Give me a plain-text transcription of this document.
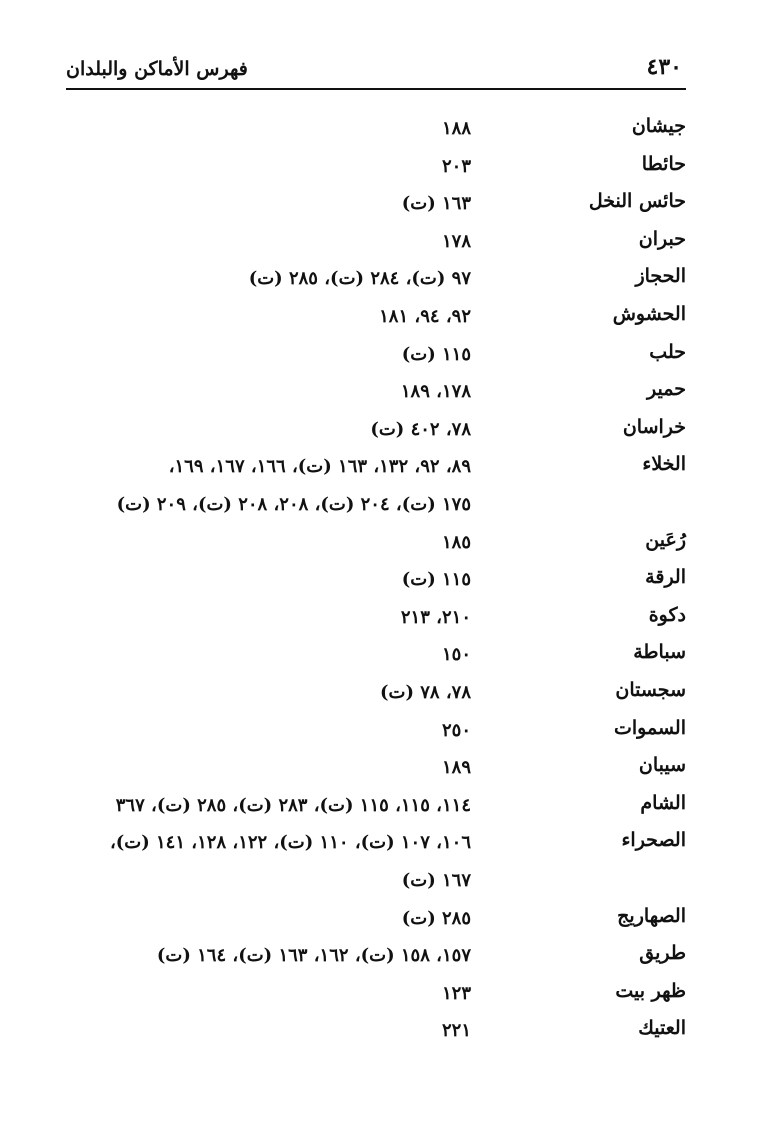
٤٣٠
فهرس الأماكن والبلدان
جيشان
١٨٨
حائطا
٢٠٣
حائس النخل
١٦٣ (ت)
حبران
١٧٨
الحجاز
٩٧ (ت)، ٢٨٤ (ت)، ٢٨٥ (ت)
الحشوش
٩٢، ٩٤، ١٨١
حلب
١١٥ (ت)
حمير
١٧٨، ١٨٩
خراسان
٧٨، ٤٠٢ (ت)
الخلاء
٨٩، ٩٢، ١٣٢، ١٦٣ (ت)، ١٦٦، ١٦٧، ١٦٩،
١٧٥ (ت)، ٢٠٤ (ت)، ٢٠٨، ٢٠٨ (ت)، ٢٠٩ (ت)
رُعَين
١٨٥
الرقة
١١٥ (ت)
دكوة
٢١٠، ٢١٣
سباطة
١٥٠
سجستان
٧٨، ٧٨ (ت)
السموات
٢٥٠
سيبان
١٨٩
الشام
١١٤، ١١٥، ١١٥ (ت)، ٢٨٣ (ت)، ٢٨٥ (ت)، ٣٦٧
الصحراء
١٠٦، ١٠٧ (ت)، ١١٠ (ت)، ١٢٢، ١٢٨، ١٤١ (ت)،
١٦٧ (ت)
الصهاريج
٢٨٥ (ت)
طريق
١٥٧، ١٥٨ (ت)، ١٦٢، ١٦٣ (ت)، ١٦٤ (ت)
ظهر بيت
١٢٣
العتيك
٢٢١
